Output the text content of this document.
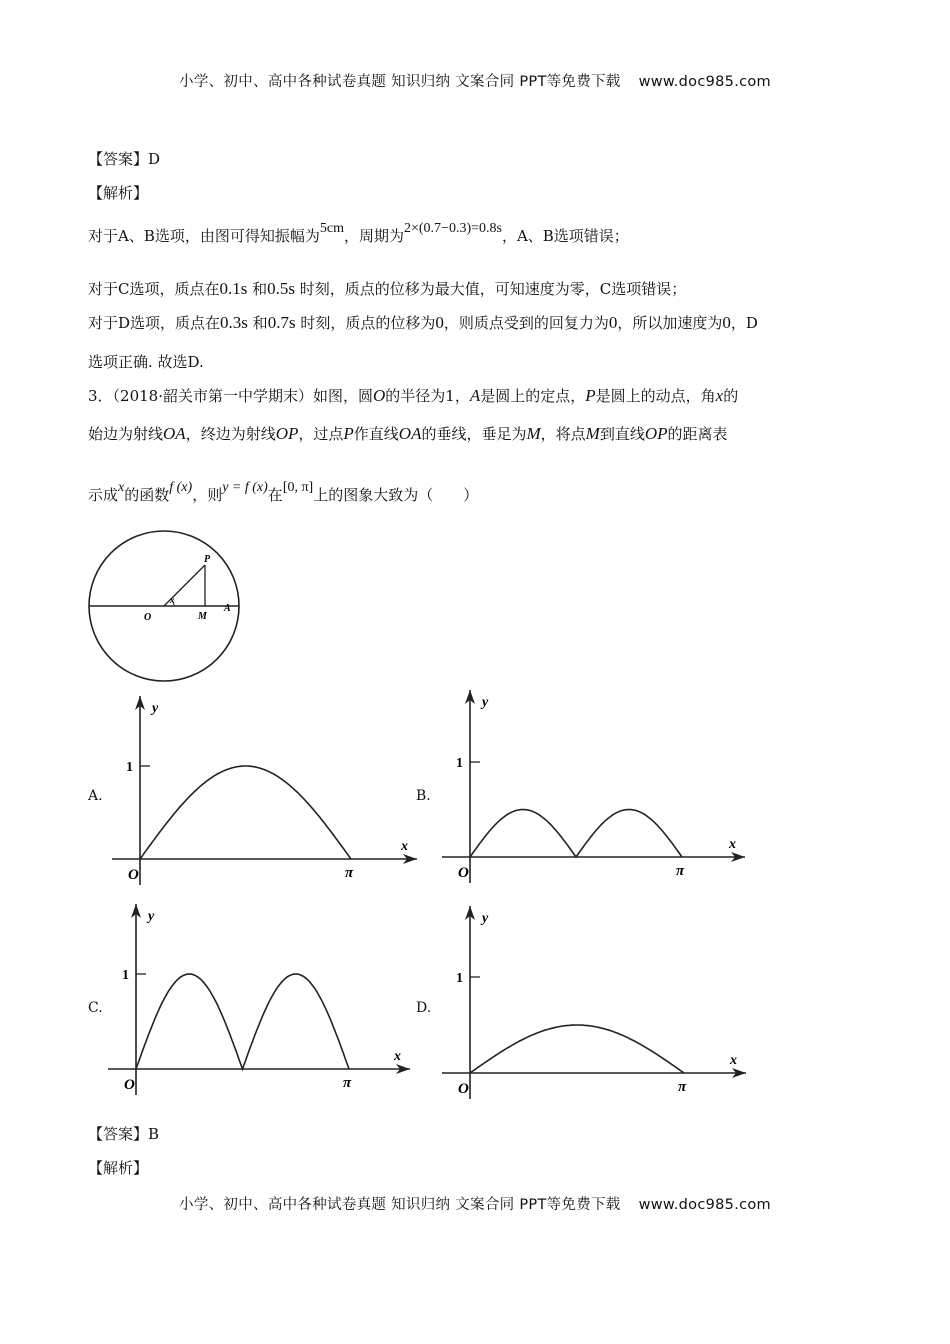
小学、初中、高中各种试卷真题 知识归纳 文案合同 PPT等免费下载 www.doc985.com
【答案】D
【解析】
对于A、B选项，由图可得知振幅为5cm，周期为2×(0.7−0.3)=0.8s，A、B选项错误；
对于C选项，质点在0.1s 和0.5s 时刻，质点的位移为最大值，可知速度为零，C选项错误；
对于D选项，质点在0.3s 和0.7s 时刻，质点的位移为0，则质点受到的回复力为0，所以加速度为0，D
选项正确. 故选D.
3．（2018·韶关市第一中学期末）如图，圆O的半径为1，A是圆上的定点，P是圆上的动点，角x的
始边为射线OA，终边为射线OP，过点P作直线OA的垂线，垂足为M，将点M到直线OP的距离表
示成x的函数f (x)，则y = f (x)在[0, π]上的图象大致为（　　）
O
x
M
A
P
A.	B.
C.	D.
1
y
x
O	π
1
y
x
O	π
1
y
x
O	π
1
y
x
O	π
【答案】B
【解析】
小学、初中、高中各种试卷真题 知识归纳 文案合同 PPT等免费下载 www.doc985.com
